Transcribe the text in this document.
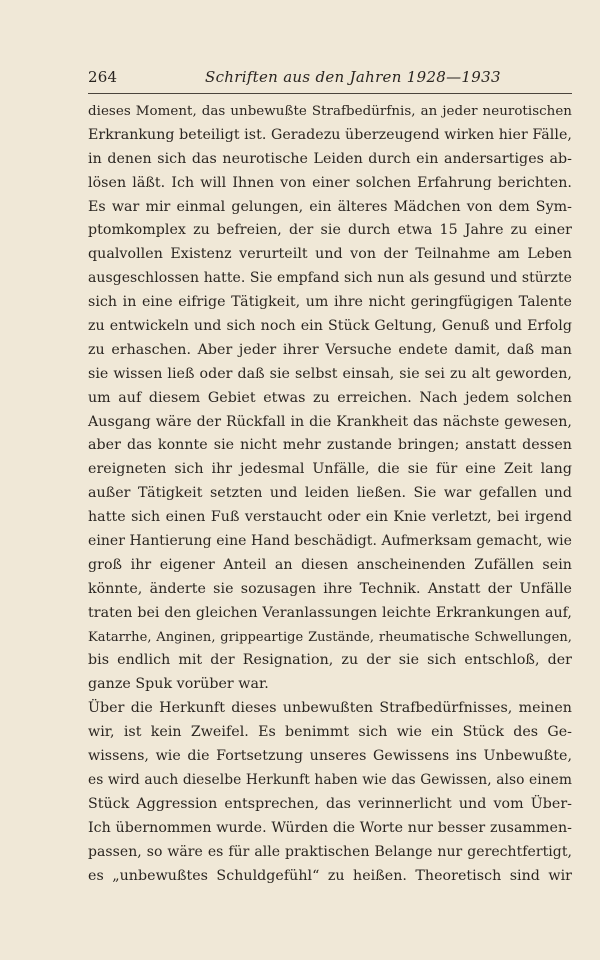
264	Schriften aus den Jahren 1928—1933
dieses Moment, das unbewußte Strafbedürfnis, an jeder neurotischen
Erkrankung beteiligt ist. Geradezu überzeugend wirken hier Fälle,
in denen sich das neurotische Leiden durch ein andersartiges ab-
lösen läßt. Ich will Ihnen von einer solchen Erfahrung berichten.
Es war mir einmal gelungen, ein älteres Mädchen von dem Sym-
ptomkomplex zu befreien, der sie durch etwa 15 Jahre zu einer
qualvollen Existenz verurteilt und von der Teilnahme am Leben
ausgeschlossen hatte. Sie empfand sich nun als gesund und stürzte
sich in eine eifrige Tätigkeit, um ihre nicht geringfügigen Talente
zu entwickeln und sich noch ein Stück Geltung, Genuß und Erfolg
zu erhaschen. Aber jeder ihrer Versuche endete damit, daß man
sie wissen ließ oder daß sie selbst einsah, sie sei zu alt geworden,
um auf diesem Gebiet etwas zu erreichen. Nach jedem solchen
Ausgang wäre der Rückfall in die Krankheit das nächste gewesen,
aber das konnte sie nicht mehr zustande bringen; anstatt dessen
ereigneten sich ihr jedesmal Unfälle, die sie für eine Zeit lang
außer Tätigkeit setzten und leiden ließen. Sie war gefallen und
hatte sich einen Fuß verstaucht oder ein Knie verletzt, bei irgend
einer Hantierung eine Hand beschädigt. Aufmerksam gemacht, wie
groß ihr eigener Anteil an diesen anscheinenden Zufällen sein
könnte, änderte sie sozusagen ihre Technik. Anstatt der Unfälle
traten bei den gleichen Veranlassungen leichte Erkrankungen auf,
Katarrhe, Anginen, grippeartige Zustände, rheumatische Schwellungen,
bis endlich mit der Resignation, zu der sie sich entschloß, der
ganze Spuk vorüber war.
Über die Herkunft dieses unbewußten Strafbedürfnisses, meinen
wir, ist kein Zweifel. Es benimmt sich wie ein Stück des Ge-
wissens, wie die Fortsetzung unseres Gewissens ins Unbewußte,
es wird auch dieselbe Herkunft haben wie das Gewissen, also einem
Stück Aggression entsprechen, das verinnerlicht und vom Über-
Ich übernommen wurde. Würden die Worte nur besser zusammen-
passen, so wäre es für alle praktischen Belange nur gerechtfertigt,
es „unbewußtes Schuldgefühl“ zu heißen. Theoretisch sind wir
